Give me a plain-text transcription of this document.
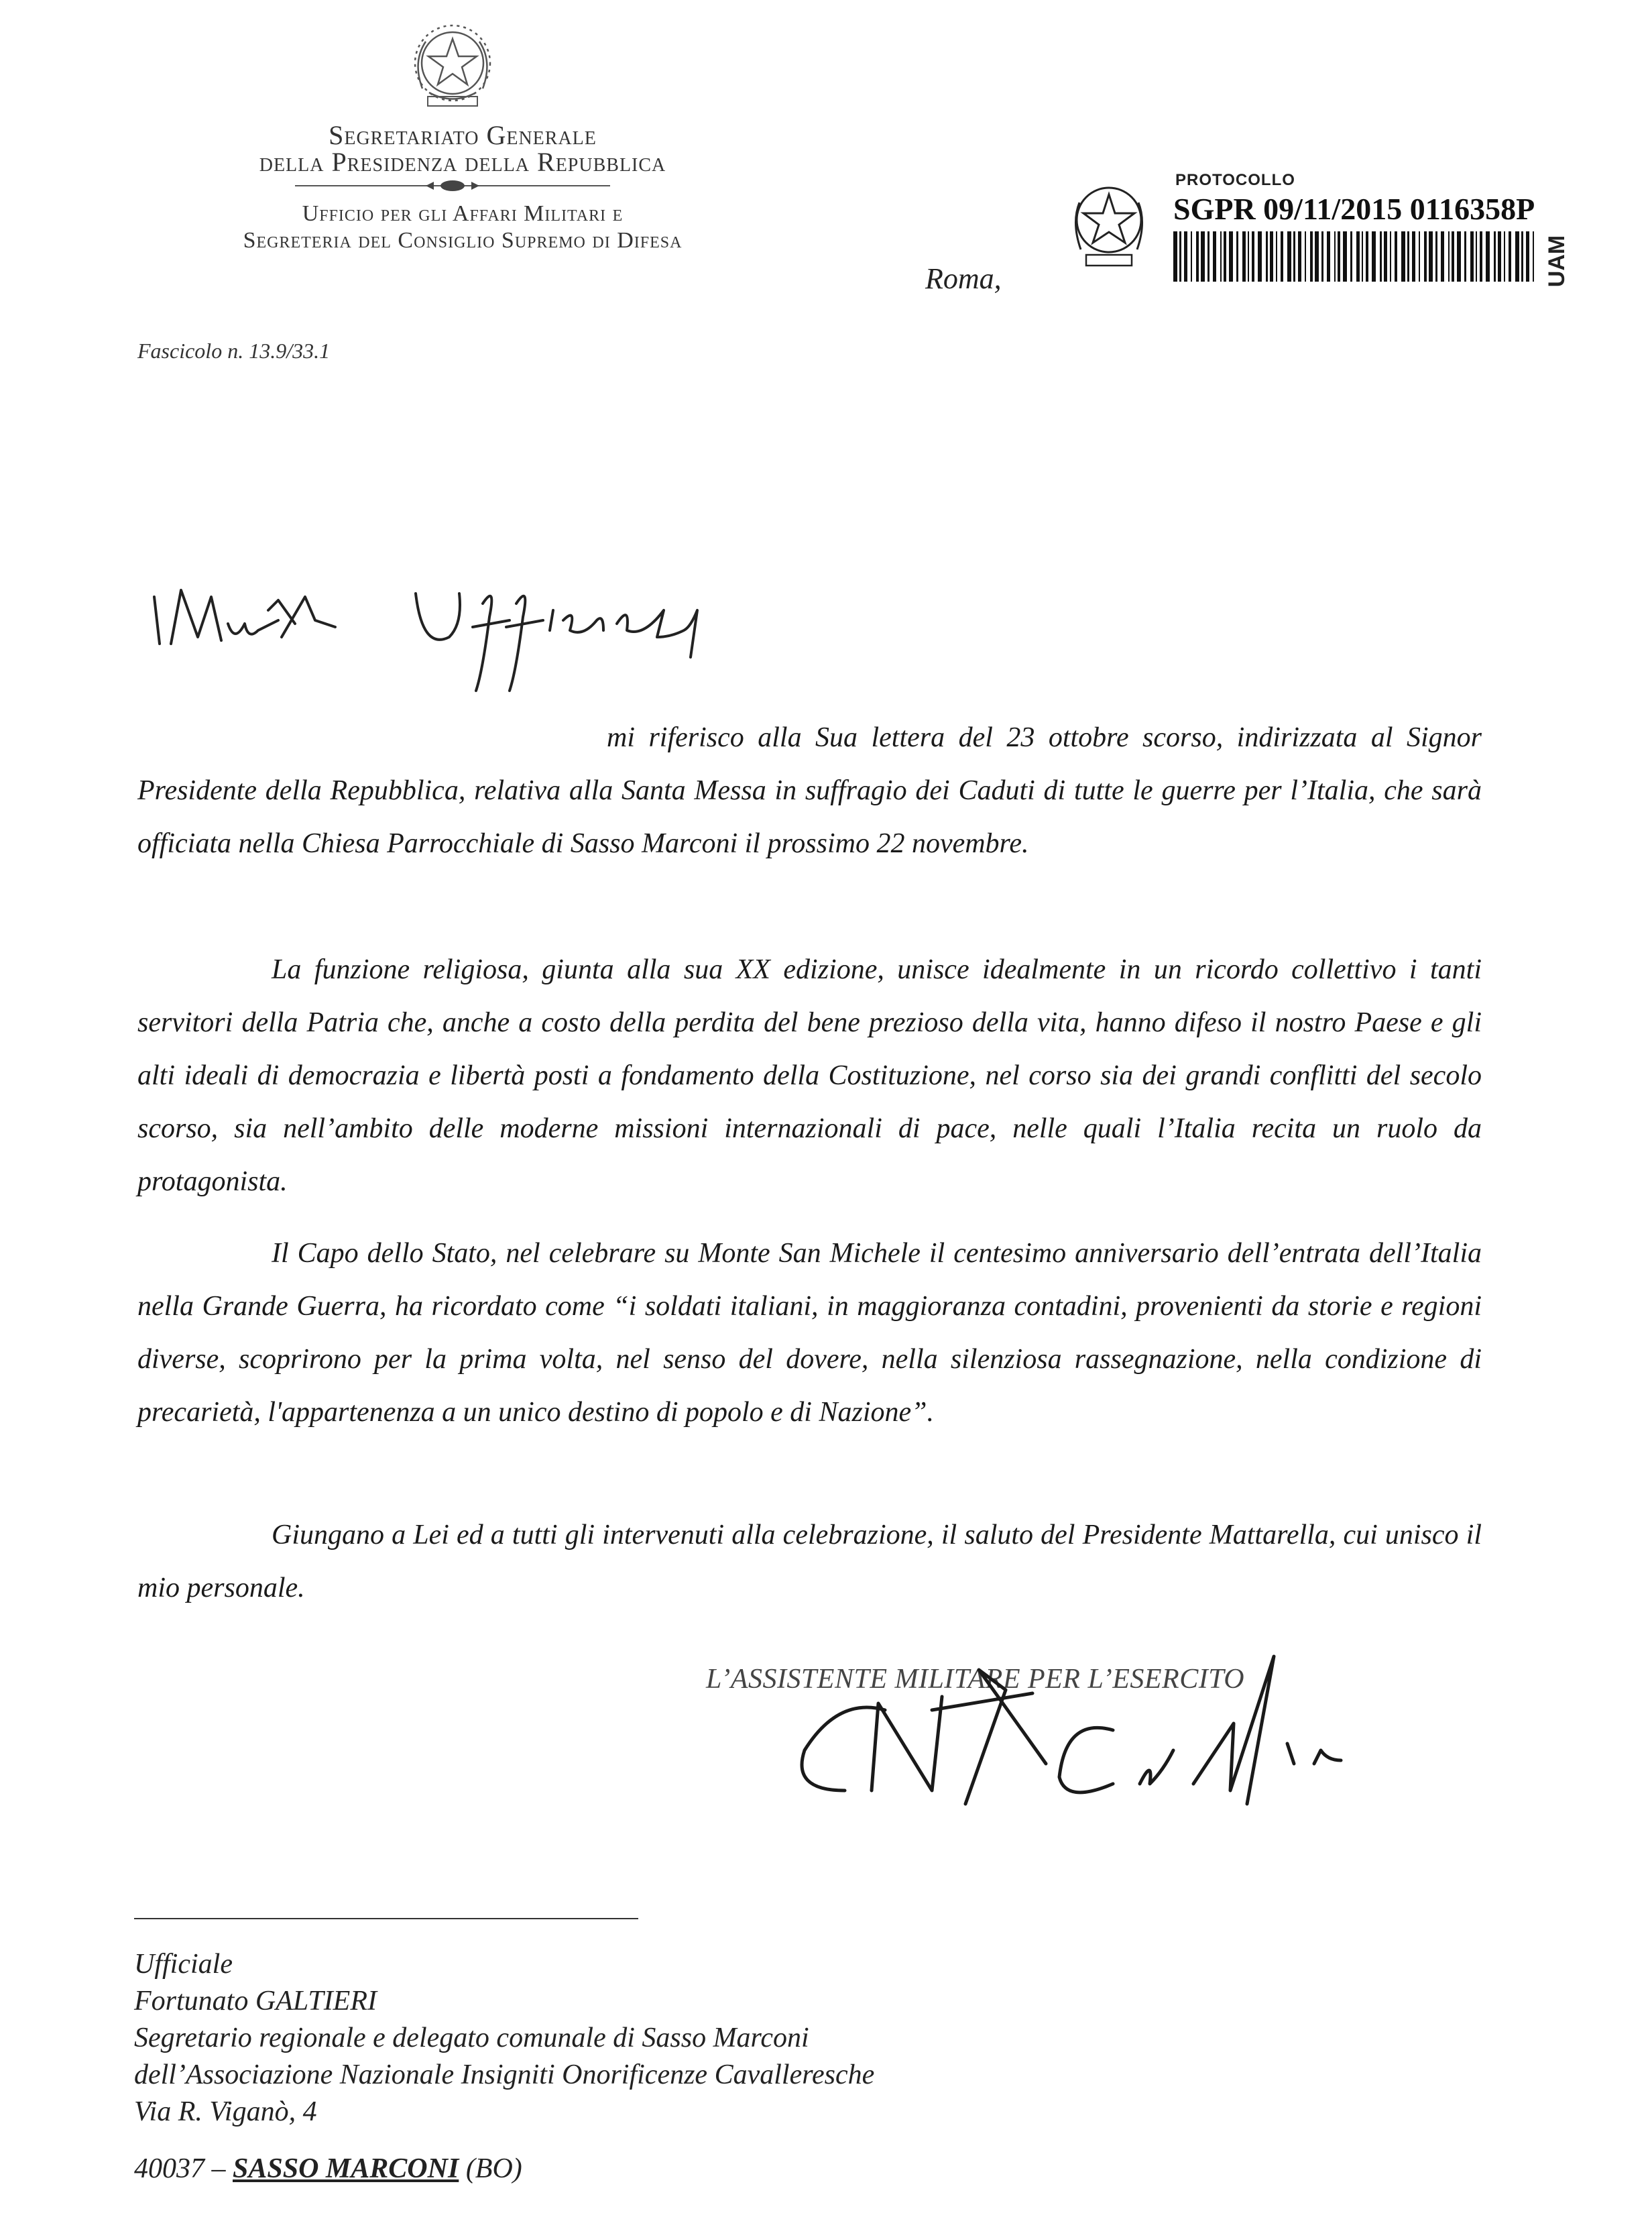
Segretariato Generale
della Presidenza della Repubblica
Ufficio per gli Affari Militari e
Segreteria del Consiglio Supremo di Difesa
Fascicolo n. 13.9/33.1
Roma,
PROTOCOLLO
SGPR 09/11/2015 0116358P
UAM
Illustre Ufficiale,

mi riferisco alla Sua lettera del 23 ottobre scorso, indirizzata al Signor Presidente della Repubblica, relativa alla Santa Messa in suffragio dei Caduti di tutte le guerre per l’Italia, che sarà officiata nella Chiesa Parrocchiale di Sasso Marconi il prossimo 22 novembre.

La funzione religiosa, giunta alla sua XX edizione, unisce idealmente in un ricordo collettivo i tanti servitori della Patria che, anche a costo della perdita del bene prezioso della vita, hanno difeso il nostro Paese e gli alti ideali di democrazia e libertà posti a fondamento della Costituzione, nel corso sia dei grandi conflitti del secolo scorso, sia nell’ambito delle moderne missioni internazionali di pace, nelle quali l’Italia recita un ruolo da protagonista.

Il Capo dello Stato, nel celebrare su Monte San Michele il centesimo anniversario dell’entrata dell’Italia nella Grande Guerra, ha ricordato come “i soldati italiani, in maggioranza contadini, provenienti da storie e regioni diverse, scoprirono per la prima volta, nel senso del dovere, nella silenziosa rassegnazione, nella condizione di precarietà, l'appartenenza a un unico destino di popolo e di Nazione”.

Giungano a Lei ed a tutti gli intervenuti alla celebrazione, il saluto del Presidente Mattarella, cui unisco il mio personale.

L’ASSISTENTE MILITARE PER L’ESERCITO
Ufficiale
Fortunato GALTIERI
Segretario regionale e delegato comunale di Sasso Marconi
dell’Associazione Nazionale Insigniti Onorificenze Cavalleresche
Via R. Viganò, 4
40037 – SASSO MARCONI (BO)
